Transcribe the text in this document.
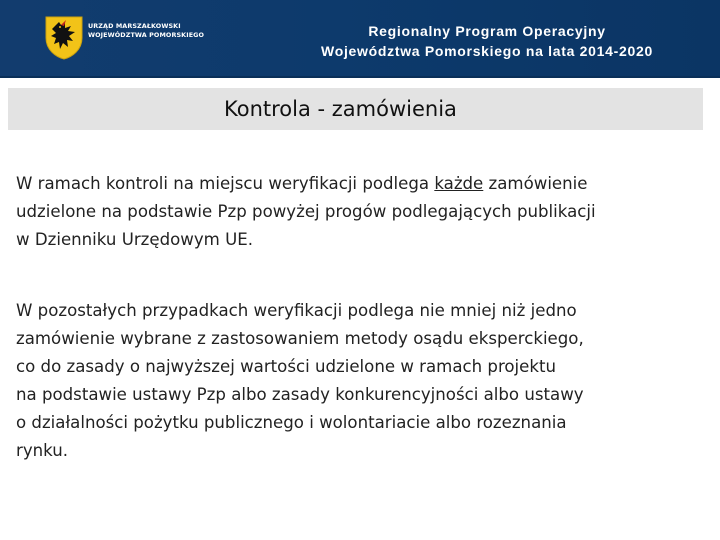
URZĄD MARSZAŁKOWSKI
WOJEWÓDZTWA POMORSKIEGO	Regionalny Program Operacyjny
Województwa Pomorskiego na lata 2014-2020
Kontrola - zamówienia
W ramach kontroli na miejscu weryfikacji podlega każde zamówienie
udzielone na podstawie Pzp powyżej progów podlegających publikacji
w Dzienniku Urzędowym UE.
W pozostałych przypadkach weryfikacji podlega nie mniej niż jedno
zamówienie wybrane z zastosowaniem metody osądu eksperckiego,
co do zasady o najwyższej wartości udzielone w ramach projektu
na podstawie ustawy Pzp albo zasady konkurencyjności albo ustawy
o działalności pożytku publicznego i wolontariacie albo rozeznania
rynku.
